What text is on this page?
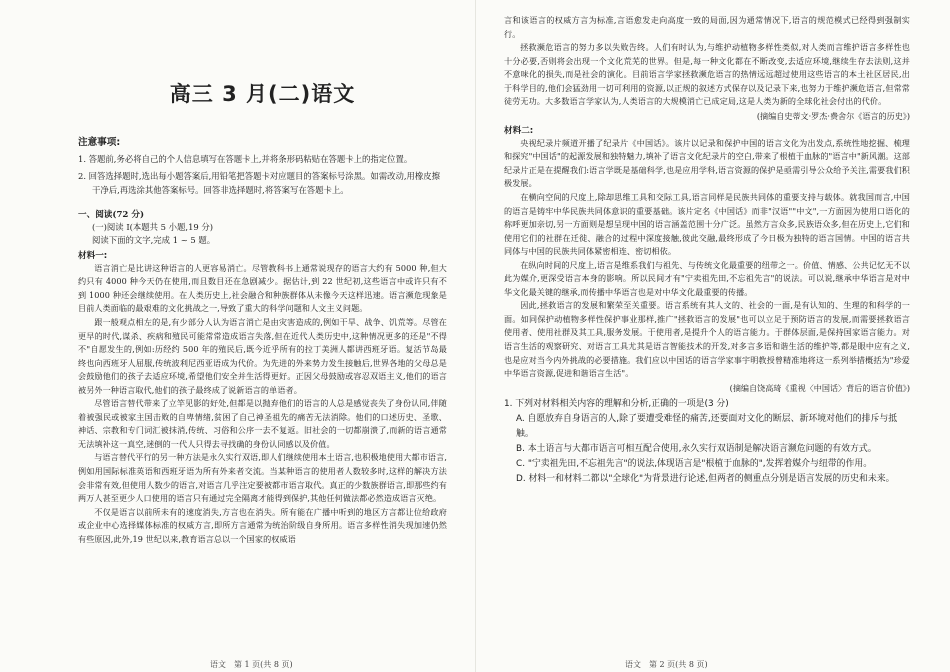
高三 3 月(二)语文

注意事项:

1. 答题前,务必将自己的个人信息填写在答题卡上,并将条形码粘贴在答题卡上的指定位置。

2. 回答选择题时,选出每小题答案后,用铅笔把答题卡对应题目的答案标号涂黑。如需改动,用橡皮擦干净后,再选涂其他答案标号。回答非选择题时,将答案写在答题卡上。

一、阅读(72 分)

(一)阅读 I(本题共 5 小题,19 分)

阅读下面的文字,完成 1 ~ 5 题。

材料一:

语言消亡是比讲这种语言的人更容易消亡。尽管教科书上通常说现存的语言大约有 5000 种,但大约只有 4000 种今天仍在使用,而且数目还在急剧减少。据估计,到 22 世纪初,这些语言中或许只有不到 1000 种还会继续使用。在人类历史上,社会融合和种族群体从未像今天这样迅速。语言濒危现象是目前人类面临的最艰难的文化挑战之一,导致了重大的科学问题和人文主义问题。

跟一般观点相左的是,有少部分人认为语言消亡是由灾害造成的,例如干旱、战争、饥荒等。尽管在更早的时代,谋杀、疾病和殖民可能常常造成语言失落,但在近代人类历史中,这种情况更多的还是"不得不"自愿发生的,例如:历经约 500 年的殖民后,既今近乎所有的拉丁美洲人都讲西班牙语。复活节岛最终也向西班牙人屈服,传统波利尼西亚语成为代价。为先进的外来势力发生接触后,世界各地的父母总是会鼓励他们的孩子去适应环境,希望他们安全并生活得更好。正因父母鼓励或容忍双语主义,他们的语言被另外一种语言取代,他们的孩子最终成了说新语言的单语者。

尽管语言替代带来了立竿见影的好处,但都是以抛弃他们的语言的人总是感觉丧失了身份认同,伴随着被强民或被家主国击败的自卑情绪,贫困了自己神圣祖先的痛苦无法消除。他们的口述历史、圣歌、神话、宗教和专门词汇被抹消,传统、习俗和公序一去不复返。旧社会的一切都崩溃了,而新的语言通常无法填补这一真空,迷倒的一代人只得去寻找确的身份认同感以及价值。

与语言替代平行的另一种方法是永久实行双语,即人们继续使用本土语言,也积极地使用大都市语言,例如用国际标准英语和西班牙语为所有外来者交流。当某种语言的使用者人数较多时,这样的解决方法会非常有效,但使用人数少的语言,对语言几乎注定要被都市语言取代。真正的少数族群语言,即那些约有两万人甚至更少人口使用的语言只有通过完全隔离才能得到保护,其他任何做法都必然造成语言灭绝。

不仅是语言以前所未有的速度消失,方言也在消失。所有能在广播中听到的地区方言都让位给政府或企业中心选择媒体标准的权威方言,即所方言通常为统治阶级自身所用。语言多样性消失现加速仍然有些原因,此外,19 世纪以来,教育语言总以一个国家的权威语

言和该语言的权威方言为标准,言语愈发走向高度一致的局面,因为通常情况下,语言的规范模式已经得到强制实行。

拯救濒危语言的努力多以失败告终。人们有时认为,与维护动植物多样性类似,对人类而言维护语言多样性也十分必要,否则将会出现一个文化荒芜的世界。但是,每一种文化都在不断改变,去适应环境,继续生存去法则,这并不意味化的损失,而是社会的演化。目前语言学家拯救濒危语言的热情远远超过使用这些语言的本土社区居民,出于科学目的,他们会猛劲用一切可利用的资源,以正规的叙述方式保存以及记录下来,也努力于维护濒危语言,但常常徒劳无功。大多数语言学家认为,人类语言的大规模消亡已成定局,这是人类为新的全球化社会付出的代价。

(摘编自史蒂文·罗杰·费舍尔《语言的历史》)

材料二:

央视纪录片频道开播了纪录片《中国话》。该片以记录和保护中国的语言文化为出发点,系统性地挖掘、梳理和探究"中国话"的起源发展和独特魅力,填补了语言文化纪录片的空白,带来了根植于血脉的"语言中"新风潮。这部纪录片正是在提醒我们:语言学既是基础科学,也是应用学科,语言资源的保护是亟需引导公众给予关注,需要我们积极发展。

在横向空间的尺度上,除却思维工具和交际工具,语言同样是民族共同体的重要支持与载体。就我国而言,中国的语言是铸牢中华民族共同体意识的重要基础。该片定名《中国话》而非"汉语""中文",一方面因为使用口语化的称呼更加亲切,另一方面则是想呈现中国的语言涵盖范围十分广泛。虽然方言众多,民族语众多,但在历史上,它们和使用它们的社群在迁徙、融合的过程中深度接触,彼此交融,最终形成了今日极为独特的语言国情。中国的语言共同体与中国的民族共同体紧密相连、密切相依。

在纵向时间的尺度上,语言是维系我们与祖先、与传统文化最重要的纽带之一。价值、情感、公共记忆无不以此为媒介,更深受语言本身的影响。所以民间才有"宁卖祖先田,不忘祖先言"的说法。可以说,继承中华语言是对中华文化最关键的继承,而传播中华语言也是对中华文化最重要的传播。

因此,拯救语言的发展和繁荣至关重要。语言系统有其人文的、社会的一面,是有认知的、生理的和科学的一面。如同保护动植物多样性保护事业那样,推广"拯救语言的发展"也可以立足于预防语言的发展,而需要拯救语言使用者、使用社群及其工具,服务发展。于使用者,是提升个人的语言能力。于群体层面,是保持国家语言能力。对语言生活的观察研究、对语言工具尤其是语言智能技术的开发,对多言多语和谐生活的维护等,都是眼中应有之义,也是应对当今内外挑战的必要措施。我们应以中国话的语言学家事宇明教授曾精准地将这一系列举措概括为"珍爱中华语言资源,促进和谐语言生活"。

(摘编自饶高琦《重视〈中国话〉背后的语言价值》)

1. 下列对材料相关内容的理解和分析,正确的一项是(3 分)

A. 自愿放弃自身语言的人,除了要遭受难怪的痛苦,还要面对文化的断层、新环境对他们的排斥与抵触。

B. 本土语言与大都市语言可相互配合使用,永久实行双语制是解决语言濒危问题的有效方式。

C. "宁卖祖先田,不忘祖先言"的说法,体现语言是"根植于血脉的",发挥着媒介与纽带的作用。

D. 材料一和材料二都以"全球化"为背景进行论述,但两者的侧重点分别是语言发展的历史和未来。

语文　第 1 页(共 8 页)	语文　第 2 页(共 8 页)
